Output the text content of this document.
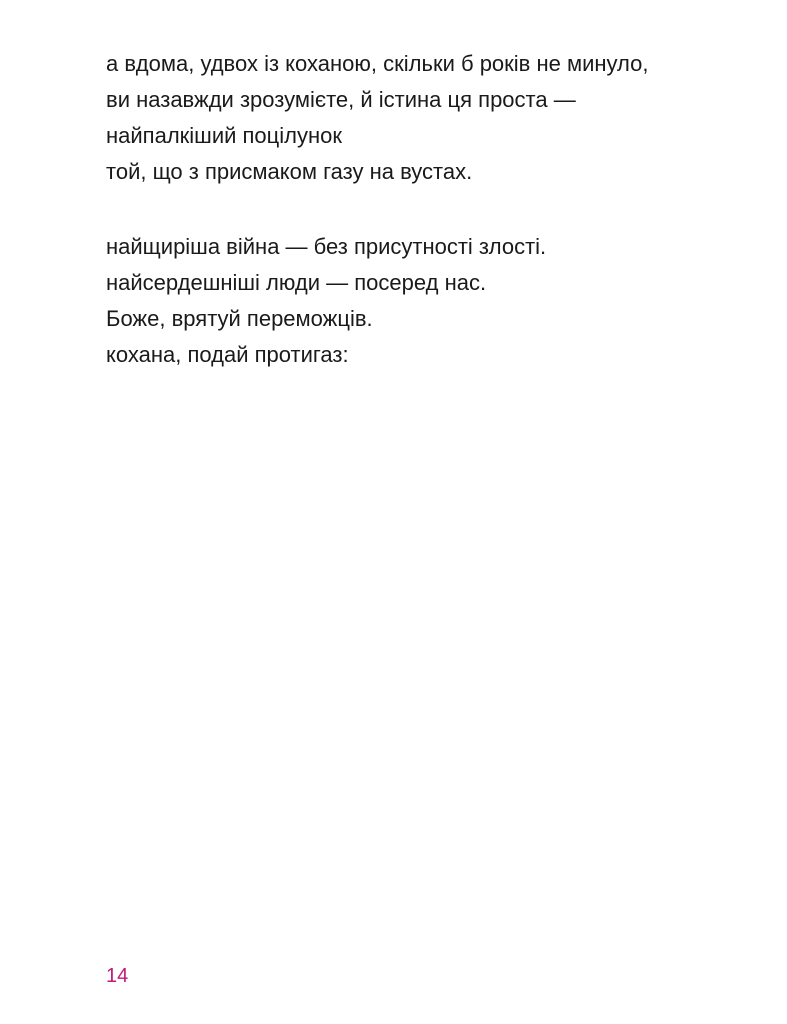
а вдома, удвох із коханою, скільки б років не минуло,
ви назавжди зрозумієте, й істина ця проста —
найпалкіший поцілунок
той, що з присмаком газу на вустах.

найщиріша війна — без присутності злості.
найсердешніші люди — посеред нас.
Боже, врятуй переможців.
кохана, подай протигаз:

14
